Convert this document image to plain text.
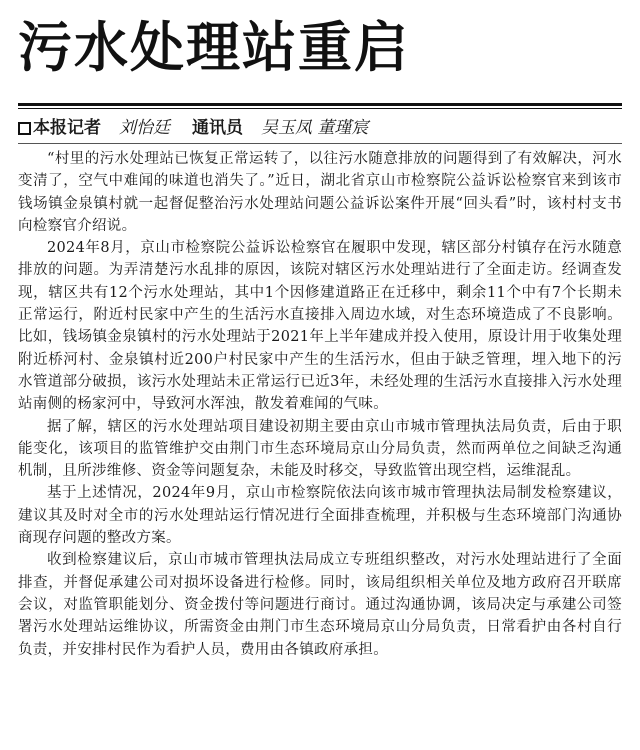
污水处理站重启
本报记者 刘怡廷 通讯员 吴玉凤 董瑾宸

“村里的污水处理站已恢复正常运转了，以往污水随意排放的问题得到了有效解决，河水变清了，空气中难闻的味道也消失了。”近日，湖北省京山市检察院公益诉讼检察官来到该市钱场镇金泉镇村就一起督促整治污水处理站问题公益诉讼案件开展“回头看”时，该村村支书向检察官介绍说。

2024年8月，京山市检察院公益诉讼检察官在履职中发现，辖区部分村镇存在污水随意排放的问题。为弄清楚污水乱排的原因，该院对辖区污水处理站进行了全面走访。经调查发现，辖区共有12个污水处理站，其中1个因修建道路正在迁移中，剩余11个中有7个长期未正常运行，附近村民家中产生的生活污水直接排入周边水域，对生态环境造成了不良影响。比如，钱场镇金泉镇村的污水处理站于2021年上半年建成并投入使用，原设计用于收集处理附近桥河村、金泉镇村近200户村民家中产生的生活污水，但由于缺乏管理，埋入地下的污水管道部分破损，该污水处理站未正常运行已近3年，未经处理的生活污水直接排入污水处理站南侧的杨家河中，导致河水浑浊，散发着难闻的气味。

据了解，辖区的污水处理站项目建设初期主要由京山市城市管理执法局负责，后由于职能变化，该项目的监管维护交由荆门市生态环境局京山分局负责，然而两单位之间缺乏沟通机制，且所涉维修、资金等问题复杂，未能及时移交，导致监管出现空档，运维混乱。

基于上述情况，2024年9月，京山市检察院依法向该市城市管理执法局制发检察建议，建议其及时对全市的污水处理站运行情况进行全面排查梳理，并积极与生态环境部门沟通协商现存问题的整改方案。

收到检察建议后，京山市城市管理执法局成立专班组织整改，对污水处理站进行了全面排查，并督促承建公司对损坏设备进行检修。同时，该局组织相关单位及地方政府召开联席会议，对监管职能划分、资金拨付等问题进行商讨。通过沟通协调，该局决定与承建公司签署污水处理站运维协议，所需资金由荆门市生态环境局京山分局负责，日常看护由各村自行负责，并安排村民作为看护人员，费用由各镇政府承担。
